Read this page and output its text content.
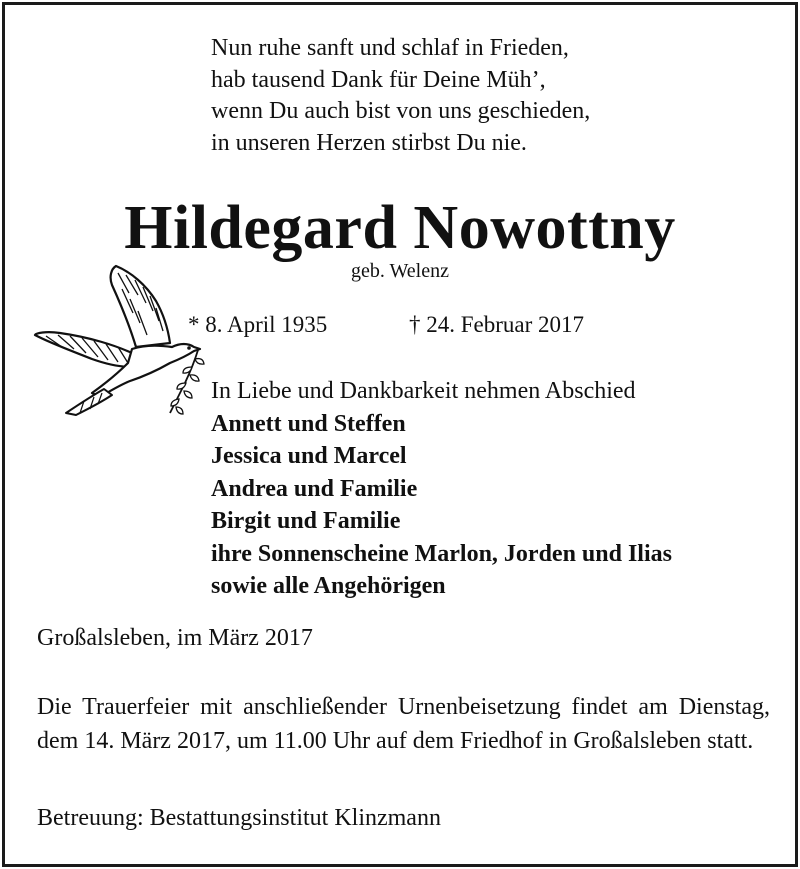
Nun ruhe sanft und schlaf in Frieden,
hab tausend Dank für Deine Müh’,
wenn Du auch bist von uns geschieden,
in unseren Herzen stirbst Du nie.
Hildegard Nowottny
geb. Welenz
* 8. April 1935	† 24. Februar 2017
In Liebe und Dankbarkeit nehmen Abschied
Annett und Steffen
Jessica und Marcel
Andrea und Familie
Birgit und Familie
ihre Sonnenscheine Marlon, Jorden und Ilias
sowie alle Angehörigen
Großalsleben, im März 2017
Die Trauerfeier mit anschließender Urnenbeisetzung findet am Dienstag, dem 14. März 2017, um 11.00 Uhr auf dem Friedhof in Großalsleben statt.
Betreuung: Bestattungsinstitut Klinzmann
